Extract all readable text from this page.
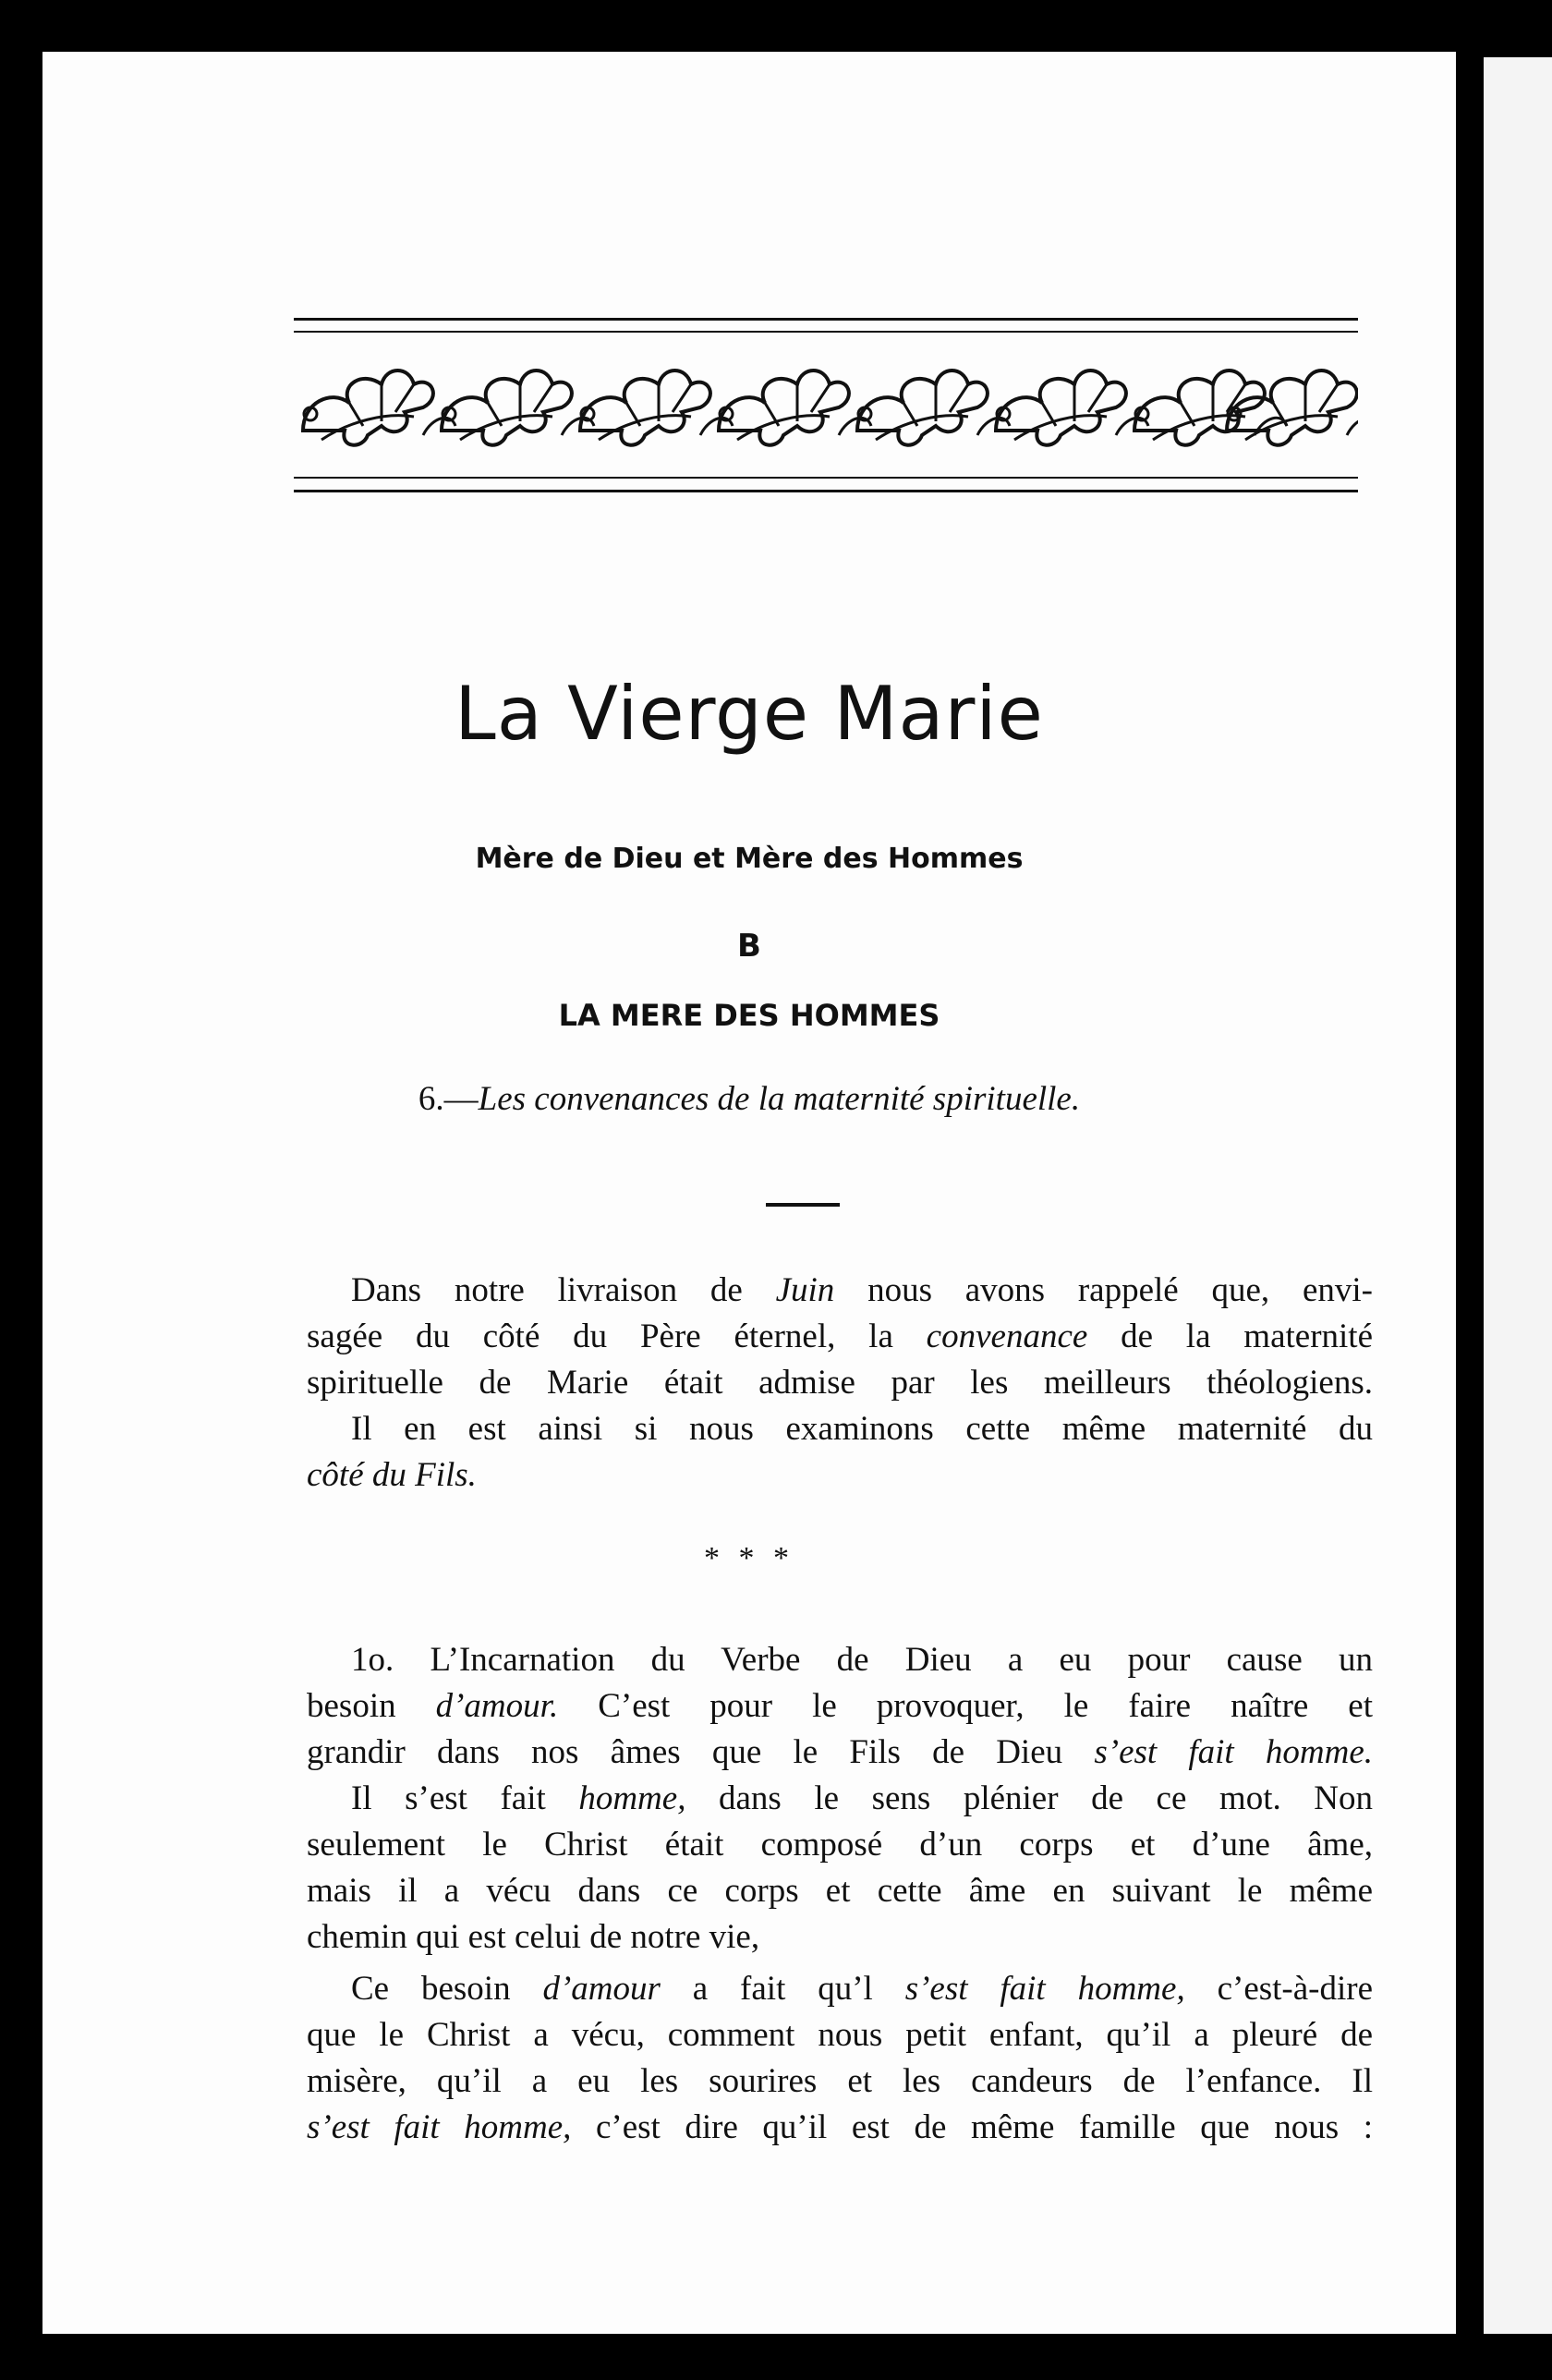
La Vierge Marie
Mère de Dieu et Mère des Hommes
B
LA MERE DES HOMMES
6.—Les convenances de la maternité spirituelle.
Dans notre livraison de Juin nous avons rappelé que, envi-
sagée du côté du Père éternel, la convenance de la maternité
spirituelle de Marie était admise par les meilleurs théologiens.
Il en est ainsi si nous examinons cette même maternité du
côté du Fils.
* * *
1o. L’Incarnation du Verbe de Dieu a eu pour cause un
besoin d’amour. C’est pour le provoquer, le faire naître et
grandir dans nos âmes que le Fils de Dieu s’est fait homme.
Il s’est fait homme, dans le sens plénier de ce mot. Non
seulement le Christ était composé d’un corps et d’une âme,
mais il a vécu dans ce corps et cette âme en suivant le même
chemin qui est celui de notre vie,
Ce besoin d’amour a fait qu’l s’est fait homme, c’est-à-dire
que le Christ a vécu, comment nous petit enfant, qu’il a pleuré de
misère, qu’il a eu les sourires et les candeurs de l’enfance. Il
s’est fait homme, c’est dire qu’il est de même famille que nous :
